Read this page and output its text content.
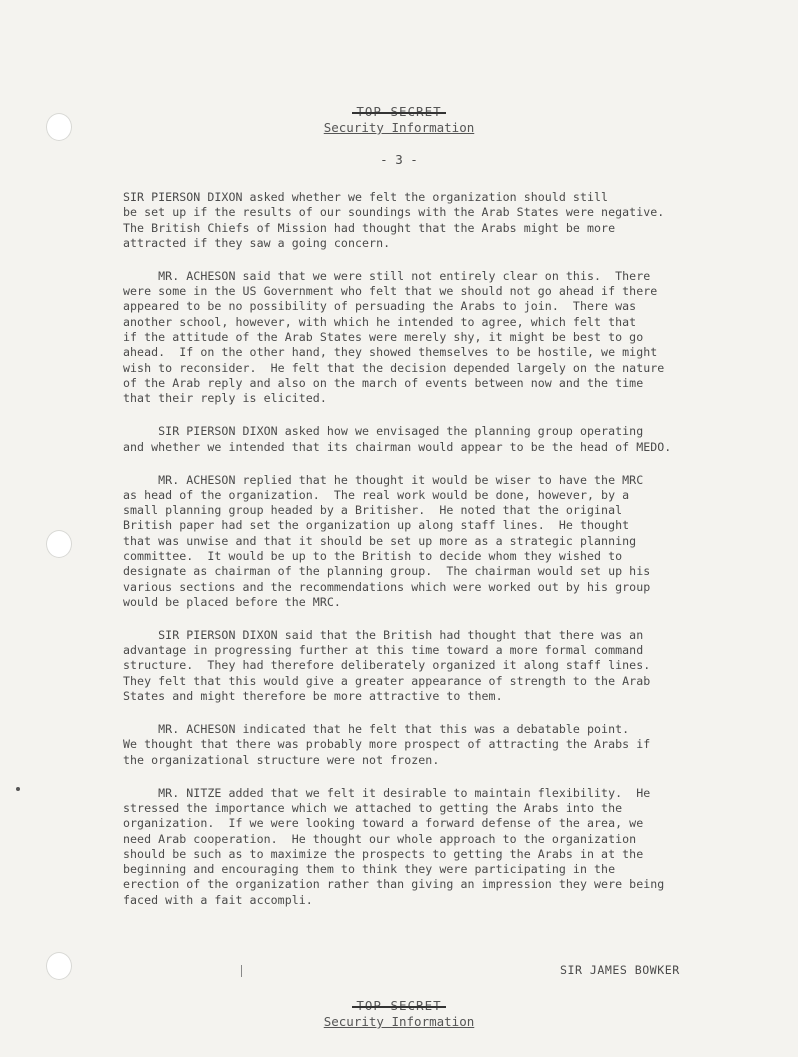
Security Information
- 3 -

SIR PIERSON DIXON asked whether we felt the organization should still
be set up if the results of our soundings with the Arab States were negative.
The British Chiefs of Mission had thought that the Arabs might be more
attracted if they saw a going concern.

MR. ACHESON said that we were still not entirely clear on this.  There
were some in the US Government who felt that we should not go ahead if there
appeared to be no possibility of persuading the Arabs to join.  There was
another school, however, with which he intended to agree, which felt that
if the attitude of the Arab States were merely shy, it might be best to go
ahead.  If on the other hand, they showed themselves to be hostile, we might
wish to reconsider.  He felt that the decision depended largely on the nature
of the Arab reply and also on the march of events between now and the time
that their reply is elicited.

SIR PIERSON DIXON asked how we envisaged the planning group operating
and whether we intended that its chairman would appear to be the head of MEDO.

MR. ACHESON replied that he thought it would be wiser to have the MRC
as head of the organization.  The real work would be done, however, by a
small planning group headed by a Britisher.  He noted that the original
British paper had set the organization up along staff lines.  He thought
that was unwise and that it should be set up more as a strategic planning
committee.  It would be up to the British to decide whom they wished to
designate as chairman of the planning group.  The chairman would set up his
various sections and the recommendations which were worked out by his group
would be placed before the MRC.

SIR PIERSON DIXON said that the British had thought that there was an
advantage in progressing further at this time toward a more formal command
structure.  They had therefore deliberately organized it along staff lines.
They felt that this would give a greater appearance of strength to the Arab
States and might therefore be more attractive to them.

MR. ACHESON indicated that he felt that this was a debatable point.
We thought that there was probably more prospect of attracting the Arabs if
the organizational structure were not frozen.

MR. NITZE added that we felt it desirable to maintain flexibility.  He
stressed the importance which we attached to getting the Arabs into the
organization.  If we were looking toward a forward defense of the area, we
need Arab cooperation.  He thought our whole approach to the organization
should be such as to maximize the prospects to getting the Arabs in at the
beginning and encouraging them to think they were participating in the
erection of the organization rather than giving an impression they were being
faced with a fait accompli.

SIR JAMES BOWKER
Security Information
